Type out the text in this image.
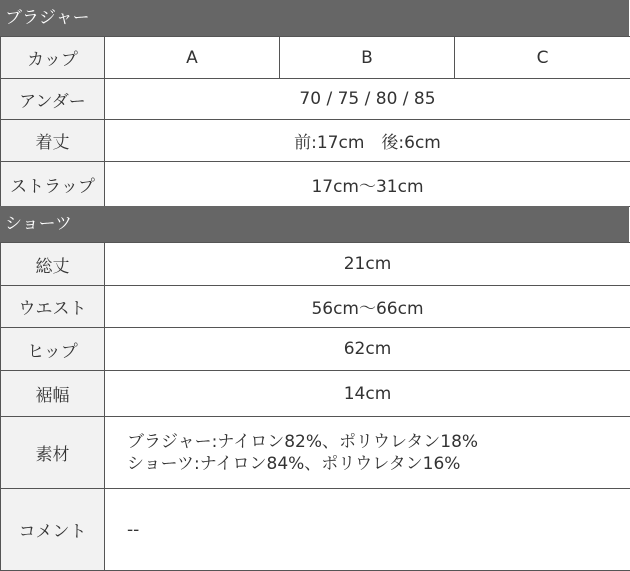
ブラジャー
カップ	A	B	C
アンダー	70 / 75 / 80 / 85		
着丈	前:17cm　後:6cm		
ストラップ	17cm〜31cm		
ショーツ
総丈	21cm
ウエスト	56cm〜66cm
ヒップ	62cm
裾幅	14cm
素材	ブラジャー:ナイロン82%、ポリウレタン18%
ショーツ:ナイロン84%、ポリウレタン16%

コメント	--
